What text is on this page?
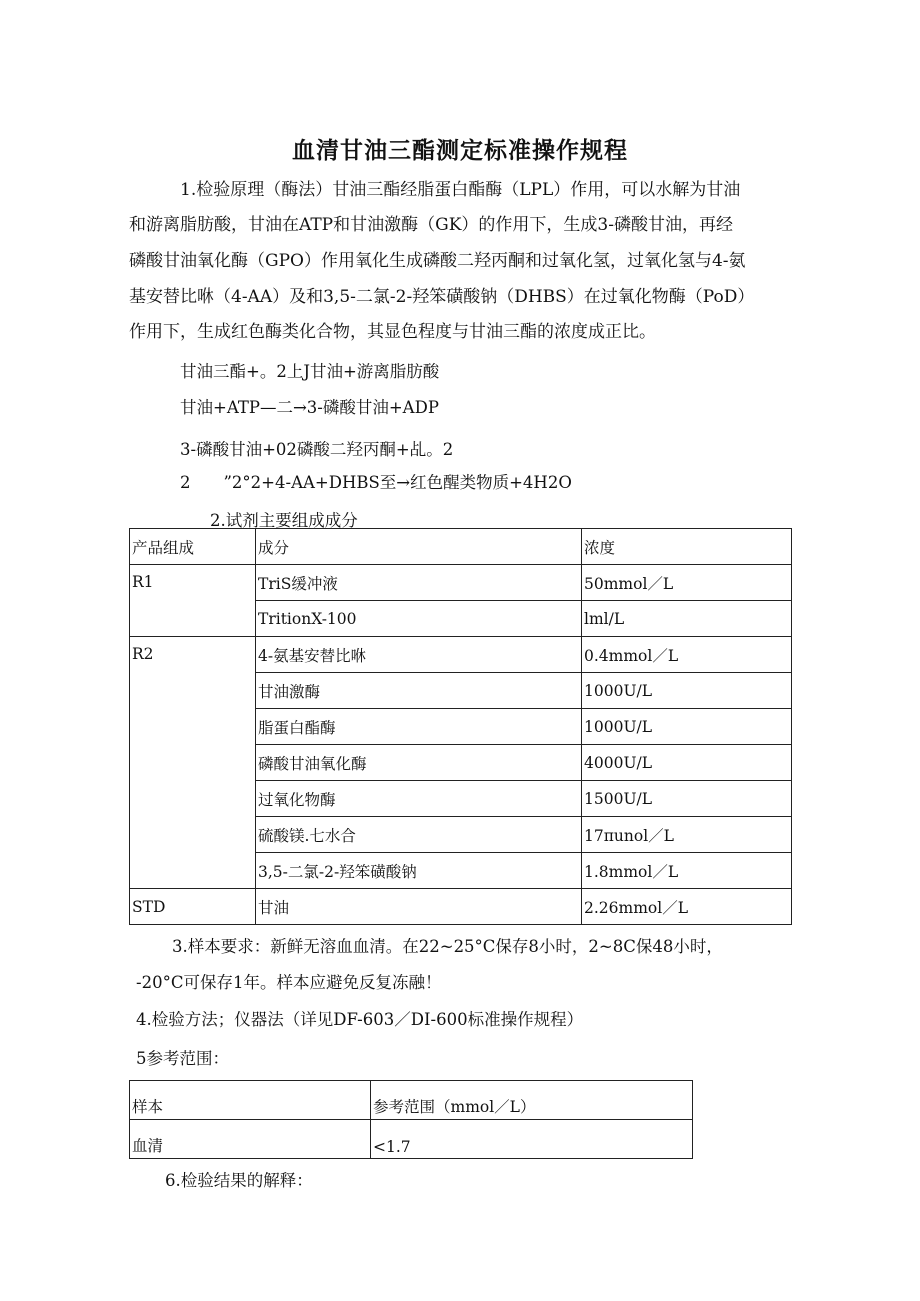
血清甘油三酯测定标准操作规程
1.检验原理（酶法）甘油三酯经脂蛋白酯酶（LPL）作用，可以水解为甘油
和游离脂肪酸，甘油在ATP和甘油激酶（GK）的作用下，生成3-磷酸甘油，再经
磷酸甘油氧化酶（GPO）作用氧化生成磷酸二羟丙酮和过氧化氢，过氧化氢与4-氨
基安替比咻（4-AA）及和3,5-二氯-2-羟笨磺酸钠（DHBS）在过氧化物酶（PoD）
作用下，生成红色酶类化合物，其显色程度与甘油三酯的浓度成正比。
甘油三酯+。2上J甘油+游离脂肪酸
甘油+ATP—二→3-磷酸甘油+ADP
3-磷酸甘油+02磷酸二羟丙酮+乩。2
2　　”2°2+4-AA+DHBS⾄→红色醒类物质+4H2O
2.试剂主要组成成分
产品组成	成分	浓度
R1	TriS缓冲液	50mmol／L
	TritionX-100	lml/L
R2	4-氨基安替比咻	0.4mmol／L
	甘油激酶	1000U/L
	脂蛋白酯酶	1000U/L
	磷酸甘油氧化酶	4000U/L
	过氧化物酶	1500U/L
	硫酸镁.七水合	17πunol／L
	3,5-二氯-2-羟笨磺酸钠	1.8mmol／L
STD	甘油	2.26mmol／L
3.样本要求：新鲜无溶血血清。在22~25°C保存8小时，2~8C保48小时，
-20°C可保存1年。样本应避免反复冻融！
4.检验方法；仪器法（详见DF-603／DI-600标准操作规程）
5参考范围：
样本	参考范围（mmol／L）
血清	<1.7
6.检验结果的解释：
